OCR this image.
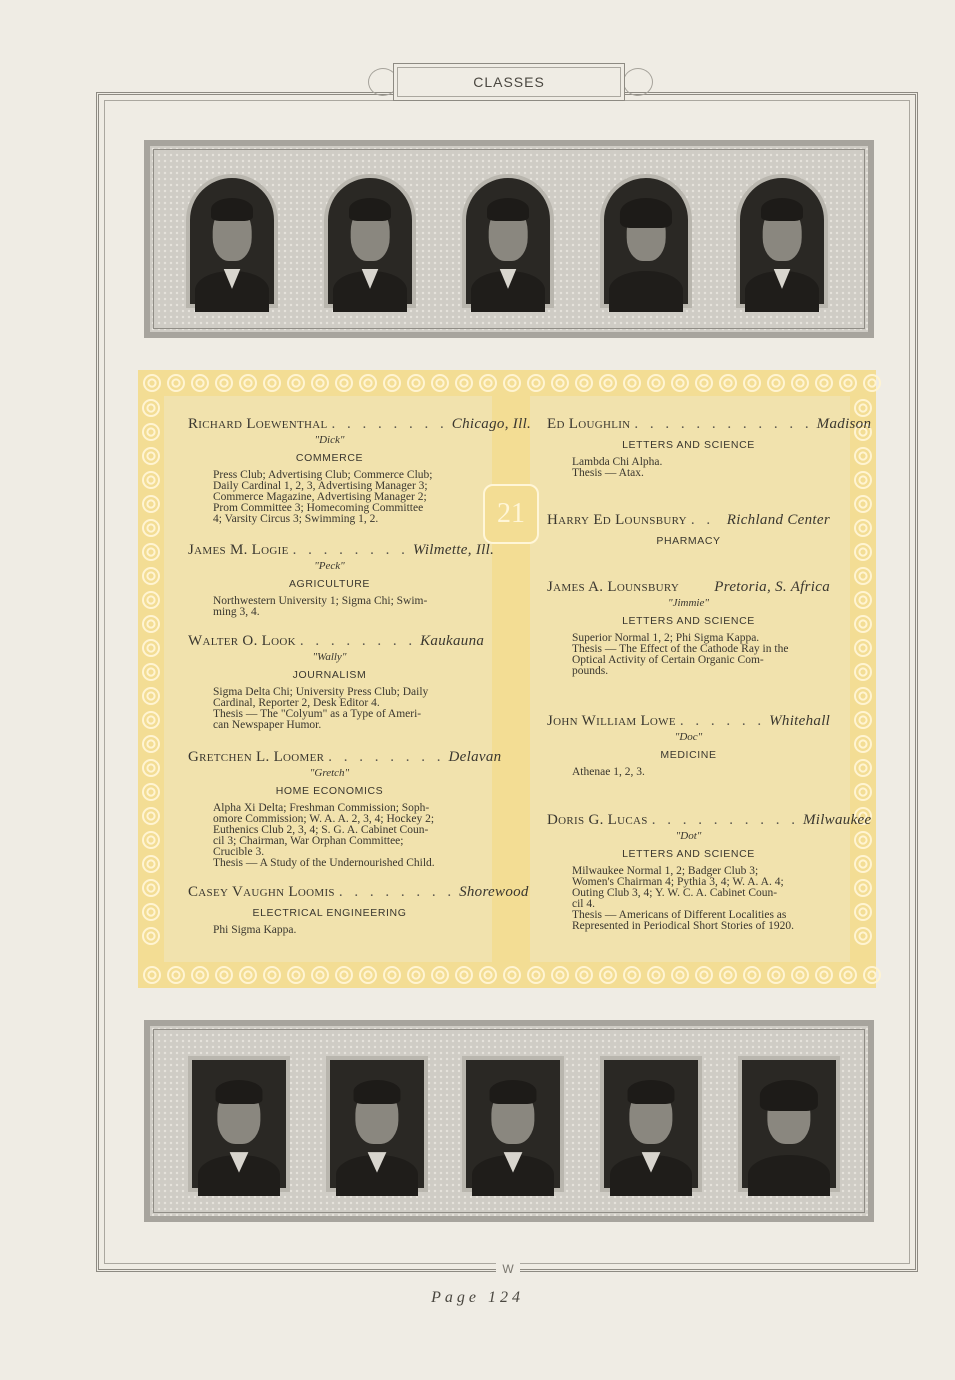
CLASSES
21
Richard Loewenthal . . . . . . . . Chicago, Ill.
"Dick"
COMMERCE
Press Club; Advertising Club; Commerce Club;
Daily Cardinal 1, 2, 3, Advertising Manager 3;
Commerce Magazine, Advertising Manager 2;
Prom Committee 3; Homecoming Committee
4; Varsity Circus 3; Swimming 1, 2.
James M. Logie . . . . . . . . Wilmette, Ill.
"Peck"
AGRICULTURE
Northwestern University 1; Sigma Chi; Swim-
ming 3, 4.
Walter O. Look . . . . . . . . Kaukauna
"Wally"
JOURNALISM
Sigma Delta Chi; University Press Club; Daily
Cardinal, Reporter 2, Desk Editor 4.
Thesis — The "Colyum" as a Type of Ameri-
can Newspaper Humor.
Gretchen L. Loomer . . . . . . . . Delavan
"Gretch"
HOME ECONOMICS
Alpha Xi Delta; Freshman Commission; Soph-
omore Commission; W. A. A. 2, 3, 4; Hockey 2;
Euthenics Club 2, 3, 4; S. G. A. Cabinet Coun-
cil 3; Chairman, War Orphan Committee;
Crucible 3.
Thesis — A Study of the Undernourished Child.
Casey Vaughn Loomis . . . . . . . . Shorewood
ELECTRICAL ENGINEERING
Phi Sigma Kappa.
Ed Loughlin . . . . . . . . . . . . Madison
LETTERS AND SCIENCE
Lambda Chi Alpha.
Thesis — Atax.
Harry Ed Lounsbury . . Richland Center
PHARMACY
James A. Lounsbury Pretoria, S. Africa
"Jimmie"
LETTERS AND SCIENCE
Superior Normal 1, 2; Phi Sigma Kappa.
Thesis — The Effect of the Cathode Ray in the
Optical Activity of Certain Organic Com-
pounds.
John William Lowe . . . . . . Whitehall
"Doc"
MEDICINE
Athenae 1, 2, 3.
Doris G. Lucas . . . . . . . . . . Milwaukee
"Dot"
LETTERS AND SCIENCE
Milwaukee Normal 1, 2; Badger Club 3;
Women's Chairman 4; Pythia 3, 4; W. A. A. 4;
Outing Club 3, 4; Y. W. C. A. Cabinet Coun-
cil 4.
Thesis — Americans of Different Localities as
Represented in Periodical Short Stories of 1920.
W
Page 124
